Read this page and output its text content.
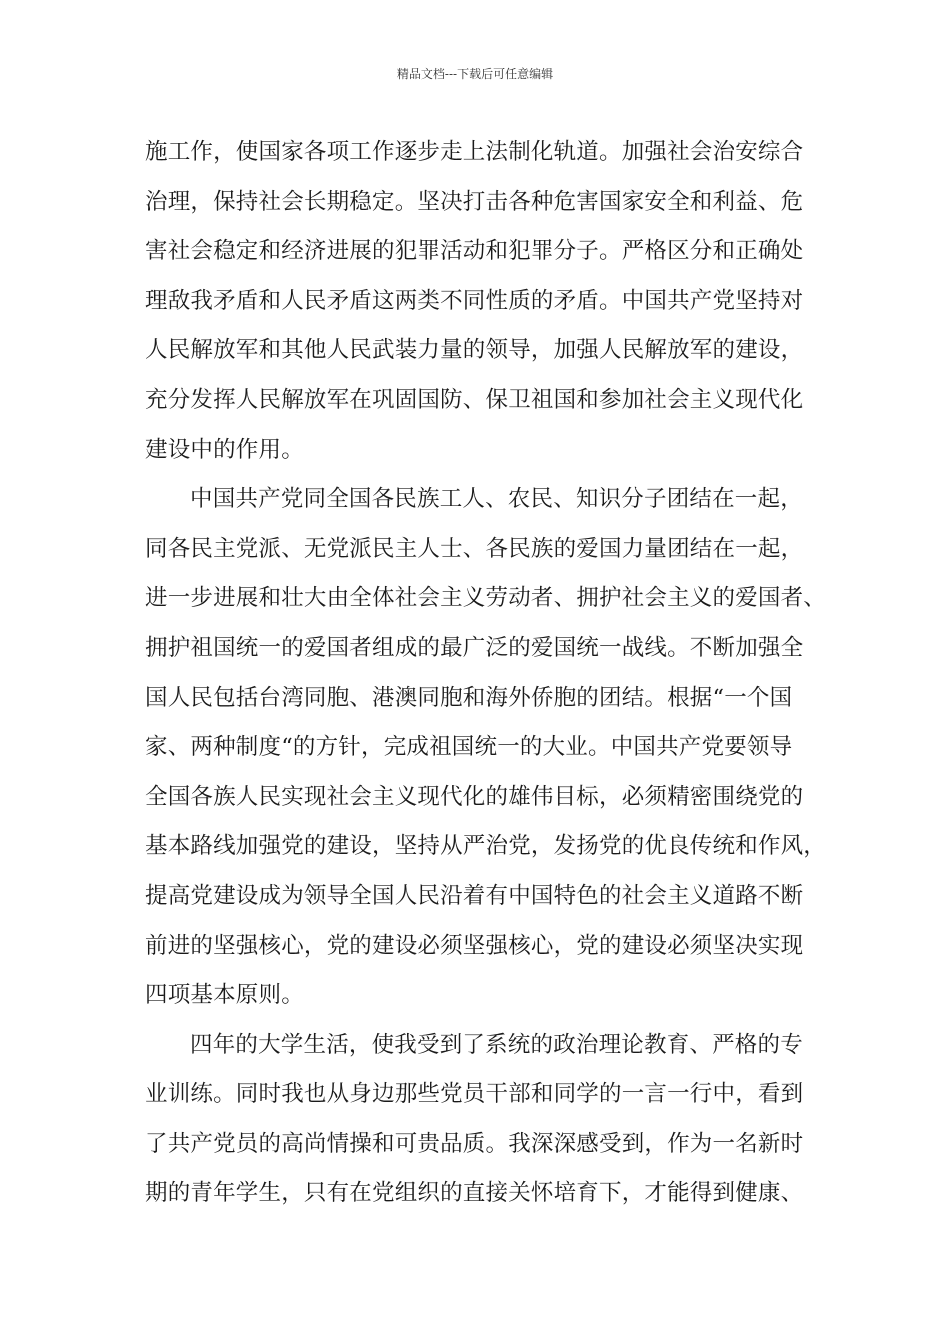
精品文档---下载后可任意编辑
施工作，使国家各项工作逐步走上法制化轨道。加强社会治安综合
治理，保持社会长期稳定。坚决打击各种危害国家安全和利益、危
害社会稳定和经济进展的犯罪活动和犯罪分子。严格区分和正确处
理敌我矛盾和人民矛盾这两类不同性质的矛盾。中国共产党坚持对
人民解放军和其他人民武装力量的领导，加强人民解放军的建设，
充分发挥人民解放军在巩固国防、保卫祖国和参加社会主义现代化
建设中的作用。
中国共产党同全国各民族工人、农民、知识分子团结在一起，
同各民主党派、无党派民主人士、各民族的爱国力量团结在一起，
进一步进展和壮大由全体社会主义劳动者、拥护社会主义的爱国者、
拥护祖国统一的爱国者组成的最广泛的爱国统一战线。不断加强全
国人民包括台湾同胞、港澳同胞和海外侨胞的团结。根据“一个国
家、两种制度“的方针，完成祖国统一的大业。中国共产党要领导
全国各族人民实现社会主义现代化的雄伟目标，必须精密围绕党的
基本路线加强党的建设，坚持从严治党，发扬党的优良传统和作风，
提高党建设成为领导全国人民沿着有中国特色的社会主义道路不断
前进的坚强核心，党的建设必须坚强核心，党的建设必须坚决实现
四项基本原则。
四年的大学生活，使我受到了系统的政治理论教育、严格的专
业训练。同时我也从身边那些党员干部和同学的一言一行中，看到
了共产党员的高尚情操和可贵品质。我深深感受到，作为一名新时
期的青年学生，只有在党组织的直接关怀培育下，才能得到健康、
